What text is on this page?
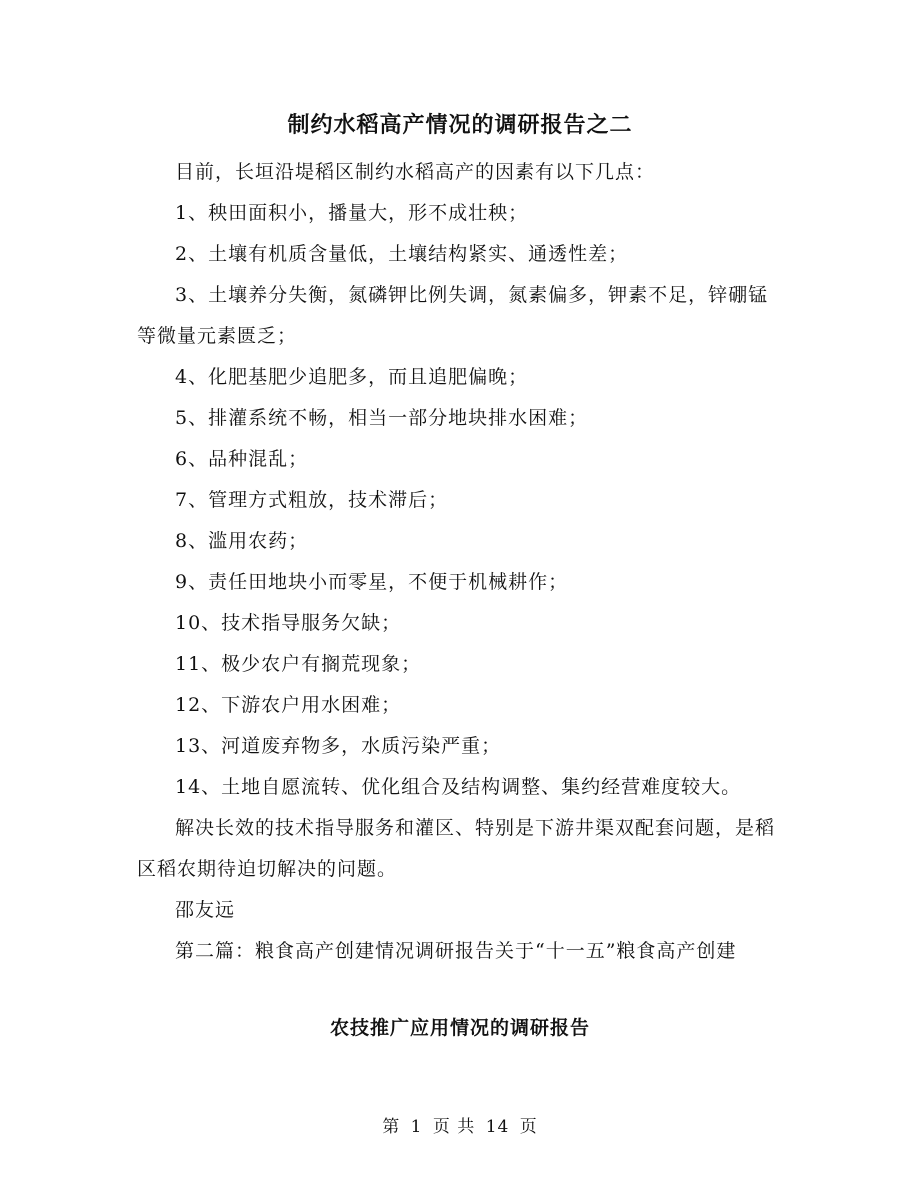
制约水稻高产情况的调研报告之二

目前，长垣沿堤稻区制约水稻高产的因素有以下几点：

1、秧田面积小，播量大，形不成壮秧；

2、土壤有机质含量低，土壤结构紧实、通透性差；

3、土壤养分失衡，氮磷钾比例失调，氮素偏多，钾素不足，锌硼锰等微量元素匮乏；

4、化肥基肥少追肥多，而且追肥偏晚；

5、排灌系统不畅，相当一部分地块排水困难；

6、品种混乱；

7、管理方式粗放，技术滞后；

8、滥用农药；

9、责任田地块小而零星，不便于机械耕作；

10、技术指导服务欠缺；

11、极少农户有搁荒现象；

12、下游农户用水困难；

13、河道废弃物多，水质污染严重；

14、土地自愿流转、优化组合及结构调整、集约经营难度较大。

解决长效的技术指导服务和灌区、特别是下游井渠双配套问题，是稻区稻农期待迫切解决的问题。

邵友远

第二篇：粮食高产创建情况调研报告关于“十一五”粮食高产创建

农技推广应用情况的调研报告
第 1 页 共 14 页
